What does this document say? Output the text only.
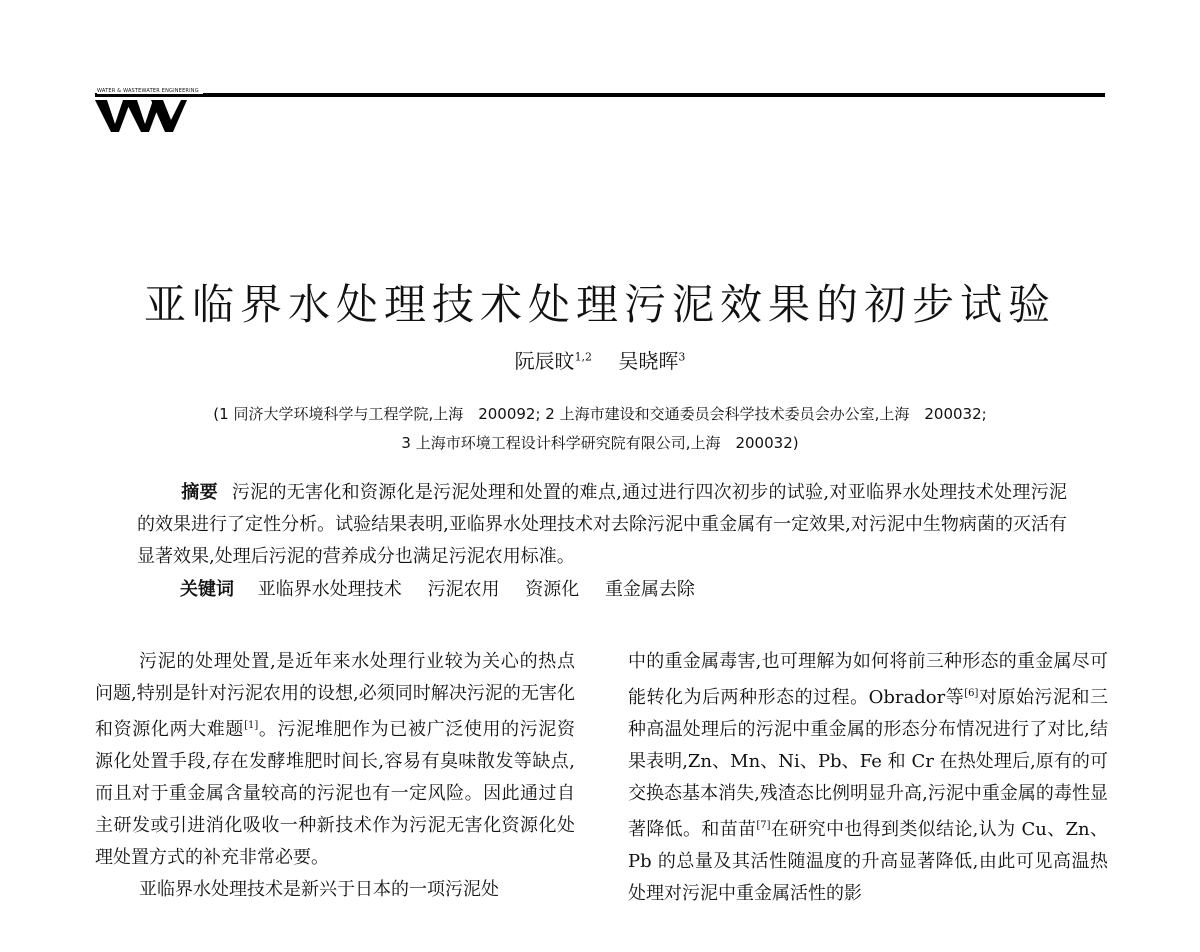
WATER & WASTEWATER ENGINEERING
亚临界水处理技术处理污泥效果的初步试验
阮辰旼$^{1,2}$ 吴晓晖$^3$
(1 同济大学环境科学与工程学院,上海　200092; 2 上海市建设和交通委员会科学技术委员会办公室,上海　200032;
3 上海市环境工程设计科学研究院有限公司,上海　200032)
摘要 污泥的无害化和资源化是污泥处理和处置的难点,通过进行四次初步的试验,对亚临界水处理技术处理污泥的效果进行了定性分析。试验结果表明,亚临界水处理技术对去除污泥中重金属有一定效果,对污泥中生物病菌的灭活有显著效果,处理后污泥的营养成分也满足污泥农用标准。
关键词 亚临界水处理技术 污泥农用 资源化 重金属去除

污泥的处理处置,是近年来水处理行业较为关心的热点问题,特别是针对污泥农用的设想,必须同时解决污泥的无害化和资源化两大难题[1]。污泥堆肥作为已被广泛使用的污泥资源化处置手段,存在发酵堆肥时间长,容易有臭味散发等缺点,而且对于重金属含量较高的污泥也有一定风险。因此通过自主研发或引进消化吸收一种新技术作为污泥无害化资源化处理处置方式的补充非常必要。

亚临界水处理技术是新兴于日本的一项污泥处

中的重金属毒害,也可理解为如何将前三种形态的重金属尽可能转化为后两种形态的过程。Obrador等[6]对原始污泥和三种高温处理后的污泥中重金属的形态分布情况进行了对比,结果表明,Zn、Mn、Ni、Pb、Fe 和 Cr 在热处理后,原有的可交换态基本消失,残渣态比例明显升高,污泥中重金属的毒性显著降低。和苗苗[7]在研究中也得到类似结论,认为 Cu、Zn、Pb 的总量及其活性随温度的升高显著降低,由此可见高温热处理对污泥中重金属活性的影
